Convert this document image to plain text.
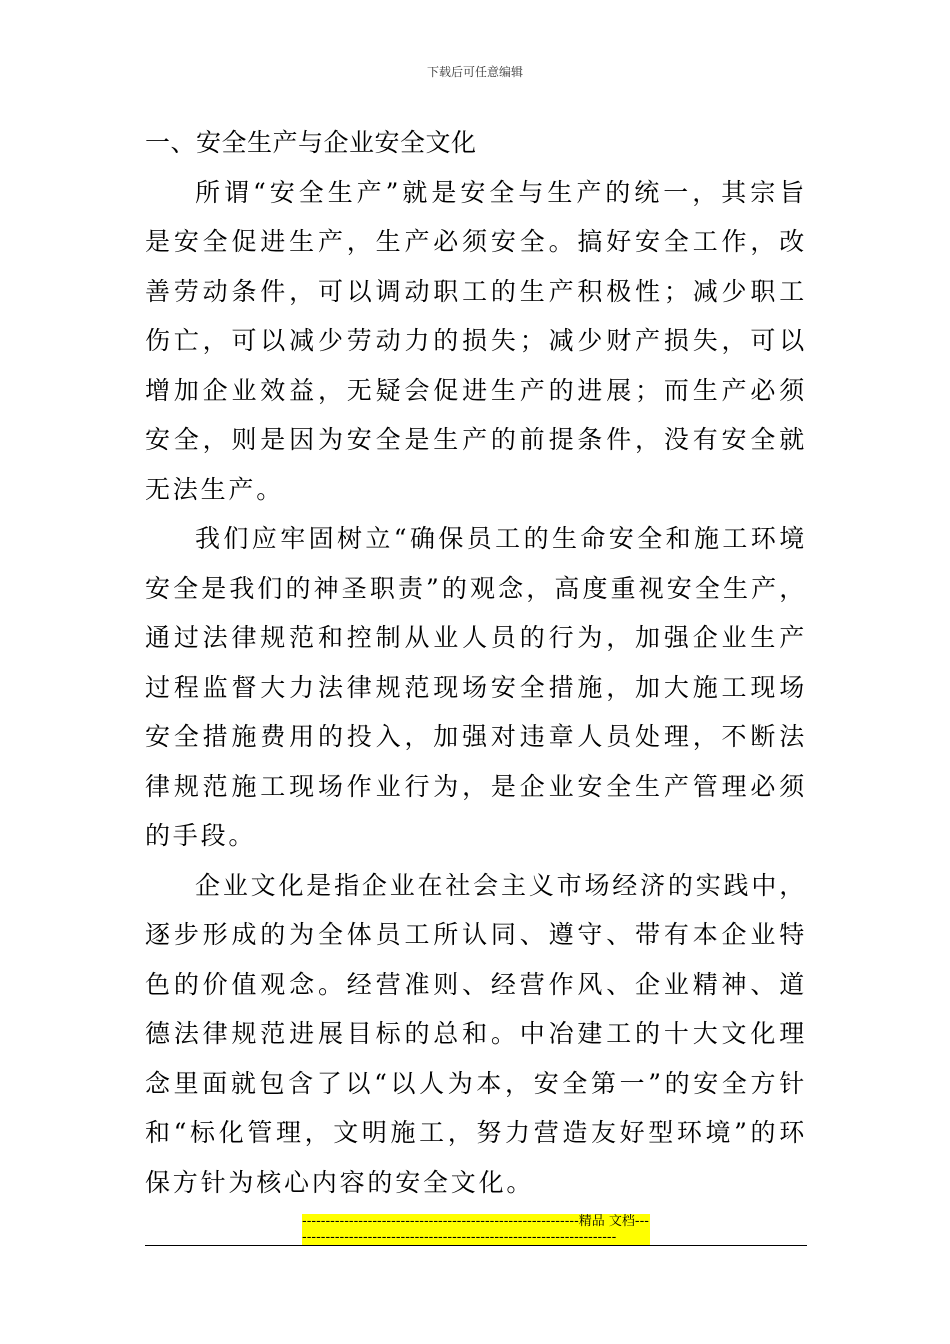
下载后可任意编辑
一、安全生产与企业安全文化

所谓“安全生产”就是安全与生产的统一，其宗旨是安全促进生产，生产必须安全。搞好安全工作，改善劳动条件，可以调动职工的生产积极性；减少职工伤亡，可以减少劳动力的损失；减少财产损失，可以增加企业效益，无疑会促进生产的进展；而生产必须安全，则是因为安全是生产的前提条件，没有安全就无法生产。

我们应牢固树立“确保员工的生命安全和施工环境安全是我们的神圣职责”的观念，高度重视安全生产，通过法律规范和控制从业人员的行为，加强企业生产过程监督大力法律规范现场安全措施，加大施工现场安全措施费用的投入，加强对违章人员处理，不断法律规范施工现场作业行为，是企业安全生产管理必须的手段。

企业文化是指企业在社会主义市场经济的实践中，逐步形成的为全体员工所认同、遵守、带有本企业特色的价值观念。经营准则、经营作风、企业精神、道德法律规范进展目标的总和。中冶建工的十大文化理念里面就包含了以“以人为本，安全第一”的安全方针和“标化管理，文明施工，努力营造友好型环境”的环保方针为核心内容的安全文化。

-----------------------------------------------------------精品 文档----------------------------------------------------------------------
